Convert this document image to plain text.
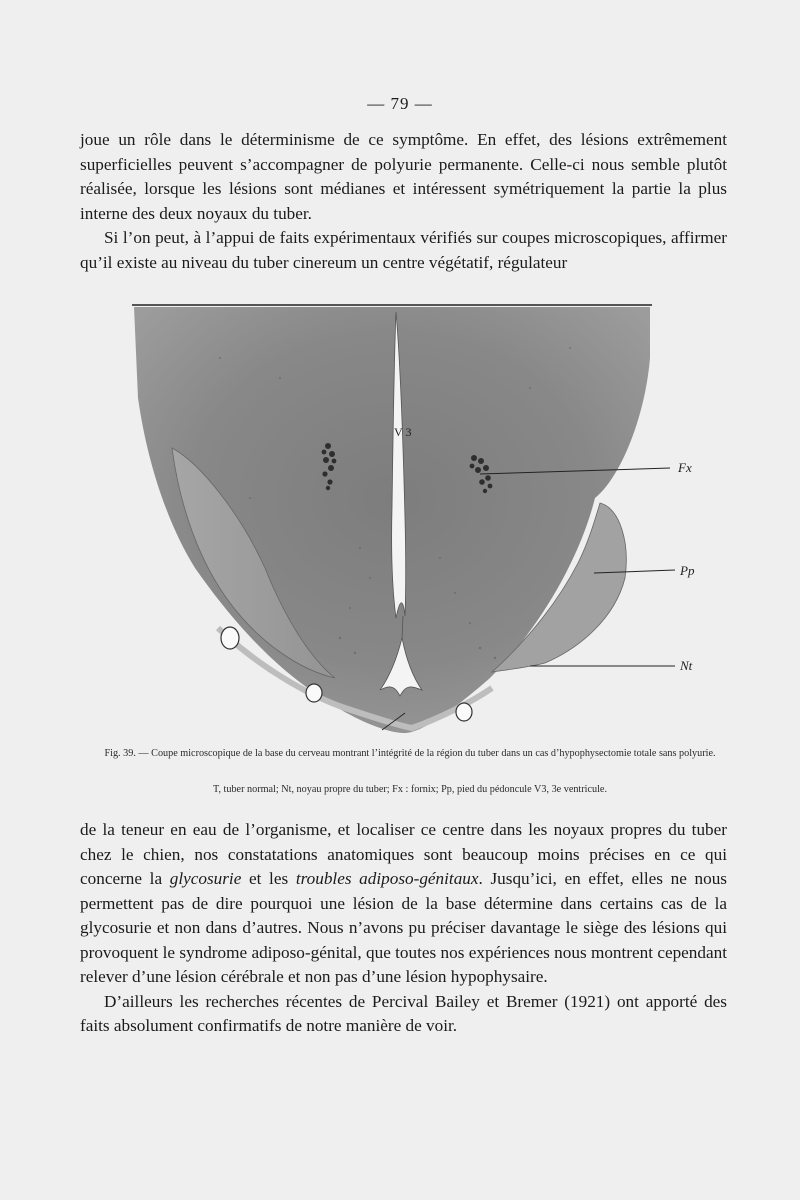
— 79 —

joue un rôle dans le déterminisme de ce symptôme. En effet, des lésions extrêmement superficielles peuvent s’accompagner de polyurie permanente. Celle-ci nous semble plutôt réalisée, lorsque les lésions sont médianes et intéressent symétriquement la partie la plus interne des deux noyaux du tuber.

Si l’on peut, à l’appui de faits expérimentaux vérifiés sur coupes microscopiques, affirmer qu’il existe au niveau du tuber cinereum un centre végétatif, régulateur

V 3
Fx
Pp
Nt
Fig. 39. — Coupe microscopique de la base du cerveau montrant l’intégrité de la région du tuber dans un cas d’hypophysectomie totale sans polyurie.
T, tuber normal; Nt, noyau propre du tuber; Fx : fornix; Pp, pied du pédoncule V3, 3e ventricule.

de la teneur en eau de l’organisme, et localiser ce centre dans les noyaux propres du tuber chez le chien, nos constatations anatomiques sont beaucoup moins précises en ce qui concerne la glycosurie et les troubles adiposo-génitaux. Jusqu’ici, en effet, elles ne nous permettent pas de dire pourquoi une lésion de la base détermine dans certains cas de la glycosurie et non dans d’autres. Nous n’avons pu préciser davantage le siège des lésions qui provoquent le syndrome adiposo-génital, que toutes nos expériences nous montrent cependant relever d’une lésion cérébrale et non pas d’une lésion hypophysaire.

D’ailleurs les recherches récentes de Percival Bailey et Bremer (1921) ont apporté des faits absolument confirmatifs de notre manière de voir.
